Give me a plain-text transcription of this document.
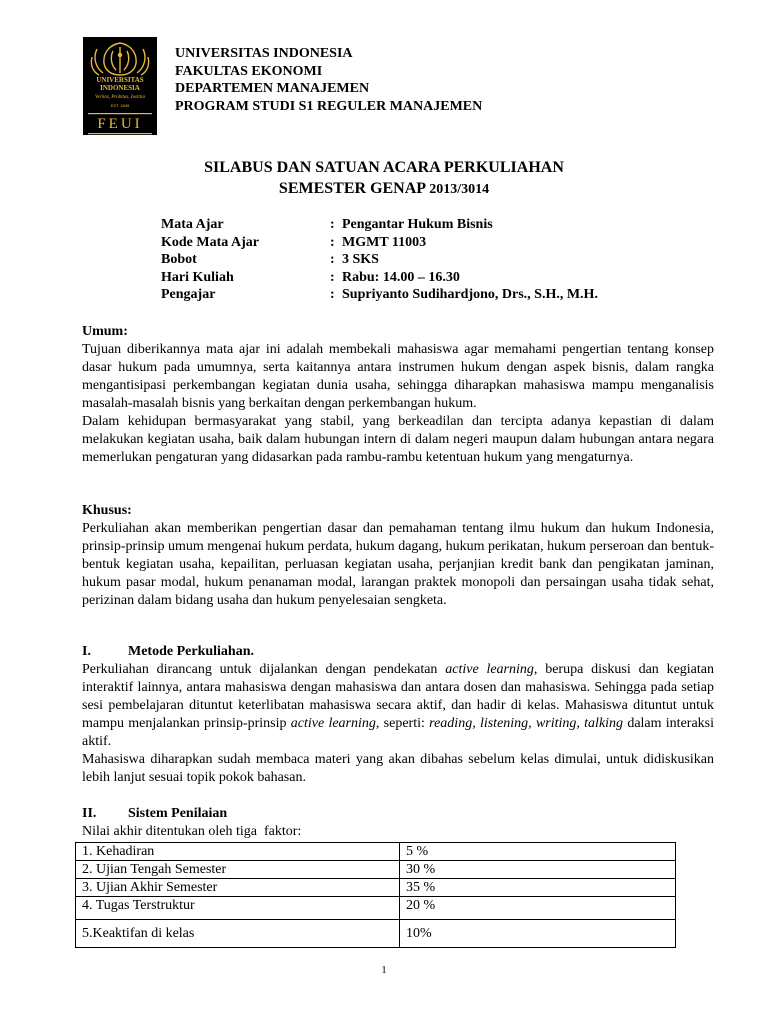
UNIVERSITAS
INDONESIA
Veritas, Probitas, Iustitia
EST. 1849
FEUI
UNIVERSITAS INDONESIA
FAKULTAS EKONOMI
DEPARTEMEN MANAJEMEN
PROGRAM STUDI S1 REGULER MANAJEMEN
SILABUS DAN SATUAN ACARA PERKULIAHAN
SEMESTER GENAP 2013/3014
Mata Ajar	: Pengantar Hukum Bisnis
Kode Mata Ajar	: MGMT 11003
Bobot	: 3 SKS
Hari Kuliah	: Rabu: 14.00 – 16.30
Pengajar	: Supriyanto Sudihardjono, Drs., S.H., M.H.
Umum:

Tujuan diberikannya mata ajar ini adalah membekali mahasiswa agar memahami pengertian tentang konsep dasar hukum pada umumnya, serta kaitannya antara instrumen hukum dengan aspek bisnis, dalam rangka mengantisipasi perkembangan kegiatan dunia usaha, sehingga diharapkan mahasiswa mampu menganalisis masalah-masalah bisnis yang berkaitan dengan perkembangan hukum.

Dalam kehidupan bermasyarakat yang stabil, yang berkeadilan dan tercipta adanya kepastian di dalam melakukan kegiatan usaha, baik dalam hubungan intern di dalam negeri maupun dalam hubungan antara negara memerlukan pengaturan yang didasarkan pada rambu-rambu ketentuan hukum yang mengaturnya.

Khusus:

Perkuliahan akan memberikan pengertian dasar dan pemahaman tentang ilmu hukum dan hukum Indonesia, prinsip-prinsip umum mengenai hukum perdata, hukum dagang, hukum perikatan, hukum perseroan dan bentuk-bentuk kegiatan usaha, kepailitan, perluasan kegiatan usaha, perjanjian kredit bank dan pengikatan jaminan, hukum pasar modal, hukum penanaman modal, larangan praktek monopoli dan persaingan usaha tidak sehat, perizinan dalam bidang usaha dan hukum penyelesaian sengketa.

I.	Metode Perkuliahan.

Perkuliahan dirancang untuk dijalankan dengan pendekatan active learning, berupa diskusi dan kegiatan interaktif lainnya, antara mahasiswa dengan mahasiswa dan antara dosen dan mahasiswa. Sehingga pada setiap sesi pembelajaran dituntut keterlibatan mahasiswa secara aktif, dan hadir di kelas. Mahasiswa dituntut untuk mampu menjalankan prinsip-prinsip active learning, seperti: reading, listening, writing, talking dalam interaksi aktif.

Mahasiswa diharapkan sudah membaca materi yang akan dibahas sebelum kelas dimulai, untuk didiskusikan lebih lanjut sesuai topik pokok bahasan.

II. Sistem Penilaian
Nilai akhir ditentukan oleh tiga  faktor:
1. Kehadiran	5 %
2. Ujian Tengah Semester	30 %
3. Ujian Akhir Semester	35 %
4. Tugas Terstruktur	20 %
5.Keaktifan di kelas	10%
1
